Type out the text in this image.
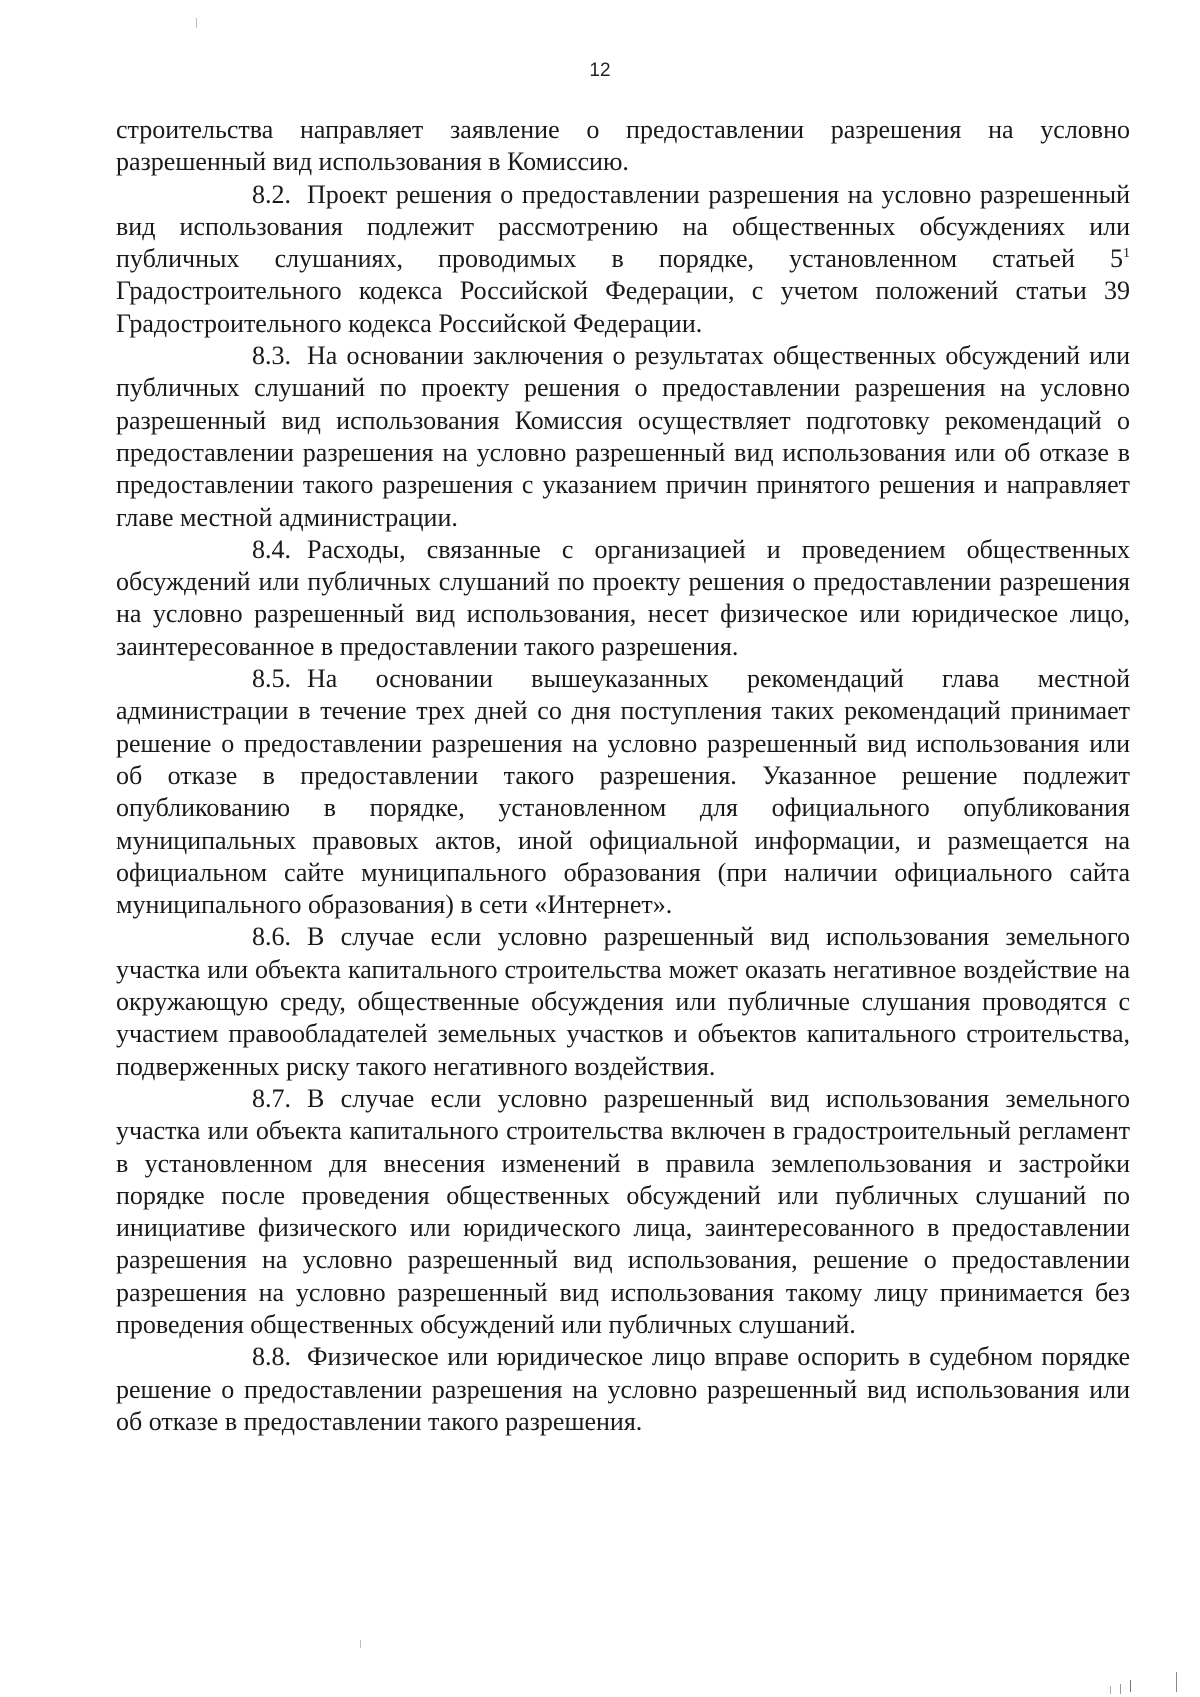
12

строительства направляет заявление о предоставлении разрешения на условно разрешенный вид использования в Комиссию.

8.2. Проект решения о предоставлении разрешения на условно разрешенный вид использования подлежит рассмотрению на общественных обсуждениях или публичных слушаниях, проводимых в порядке, установленном статьей $5^1$ Градостроительного кодекса Российской Федерации, с учетом положений статьи 39 Градостроительного кодекса Российской Федерации.

8.3. На основании заключения о результатах общественных обсуждений или публичных слушаний по проекту решения о предоставлении разрешения на условно разрешенный вид использования Комиссия осуществляет подготовку рекомендаций о предоставлении разрешения на условно разрешенный вид использования или об отказе в предоставлении такого разрешения с указанием причин принятого решения и направляет главе местной администрации.

8.4. Расходы, связанные с организацией и проведением общественных обсуждений или публичных слушаний по проекту решения о предоставлении разрешения на условно разрешенный вид использования, несет физическое или юридическое лицо, заинтересованное в предоставлении такого разрешения.

8.5. На основании вышеуказанных рекомендаций глава местной администрации в течение трех дней со дня поступления таких рекомендаций принимает решение о предоставлении разрешения на условно разрешенный вид использования или об отказе в предоставлении такого разрешения. Указанное решение подлежит опубликованию в порядке, установленном для официального опубликования муниципальных правовых актов, иной официальной информации, и размещается на официальном сайте муниципального образования (при наличии официального сайта муниципального образования) в сети «Интернет».

8.6. В случае если условно разрешенный вид использования земельного участка или объекта капитального строительства может оказать негативное воздействие на окружающую среду, общественные обсуждения или публичные слушания проводятся с участием правообладателей земельных участков и объектов капитального строительства, подверженных риску такого негативного воздействия.

8.7. В случае если условно разрешенный вид использования земельного участка или объекта капитального строительства включен в градостроительный регламент в установленном для внесения изменений в правила землепользования и застройки порядке после проведения общественных обсуждений или публичных слушаний по инициативе физического или юридического лица, заинтересованного в предоставлении разрешения на условно разрешенный вид использования, решение о предоставлении разрешения на условно разрешенный вид использования такому лицу принимается без проведения общественных обсуждений или публичных слушаний.

8.8. Физическое или юридическое лицо вправе оспорить в судебном порядке решение о предоставлении разрешения на условно разрешенный вид использования или об отказе в предоставлении такого разрешения.
